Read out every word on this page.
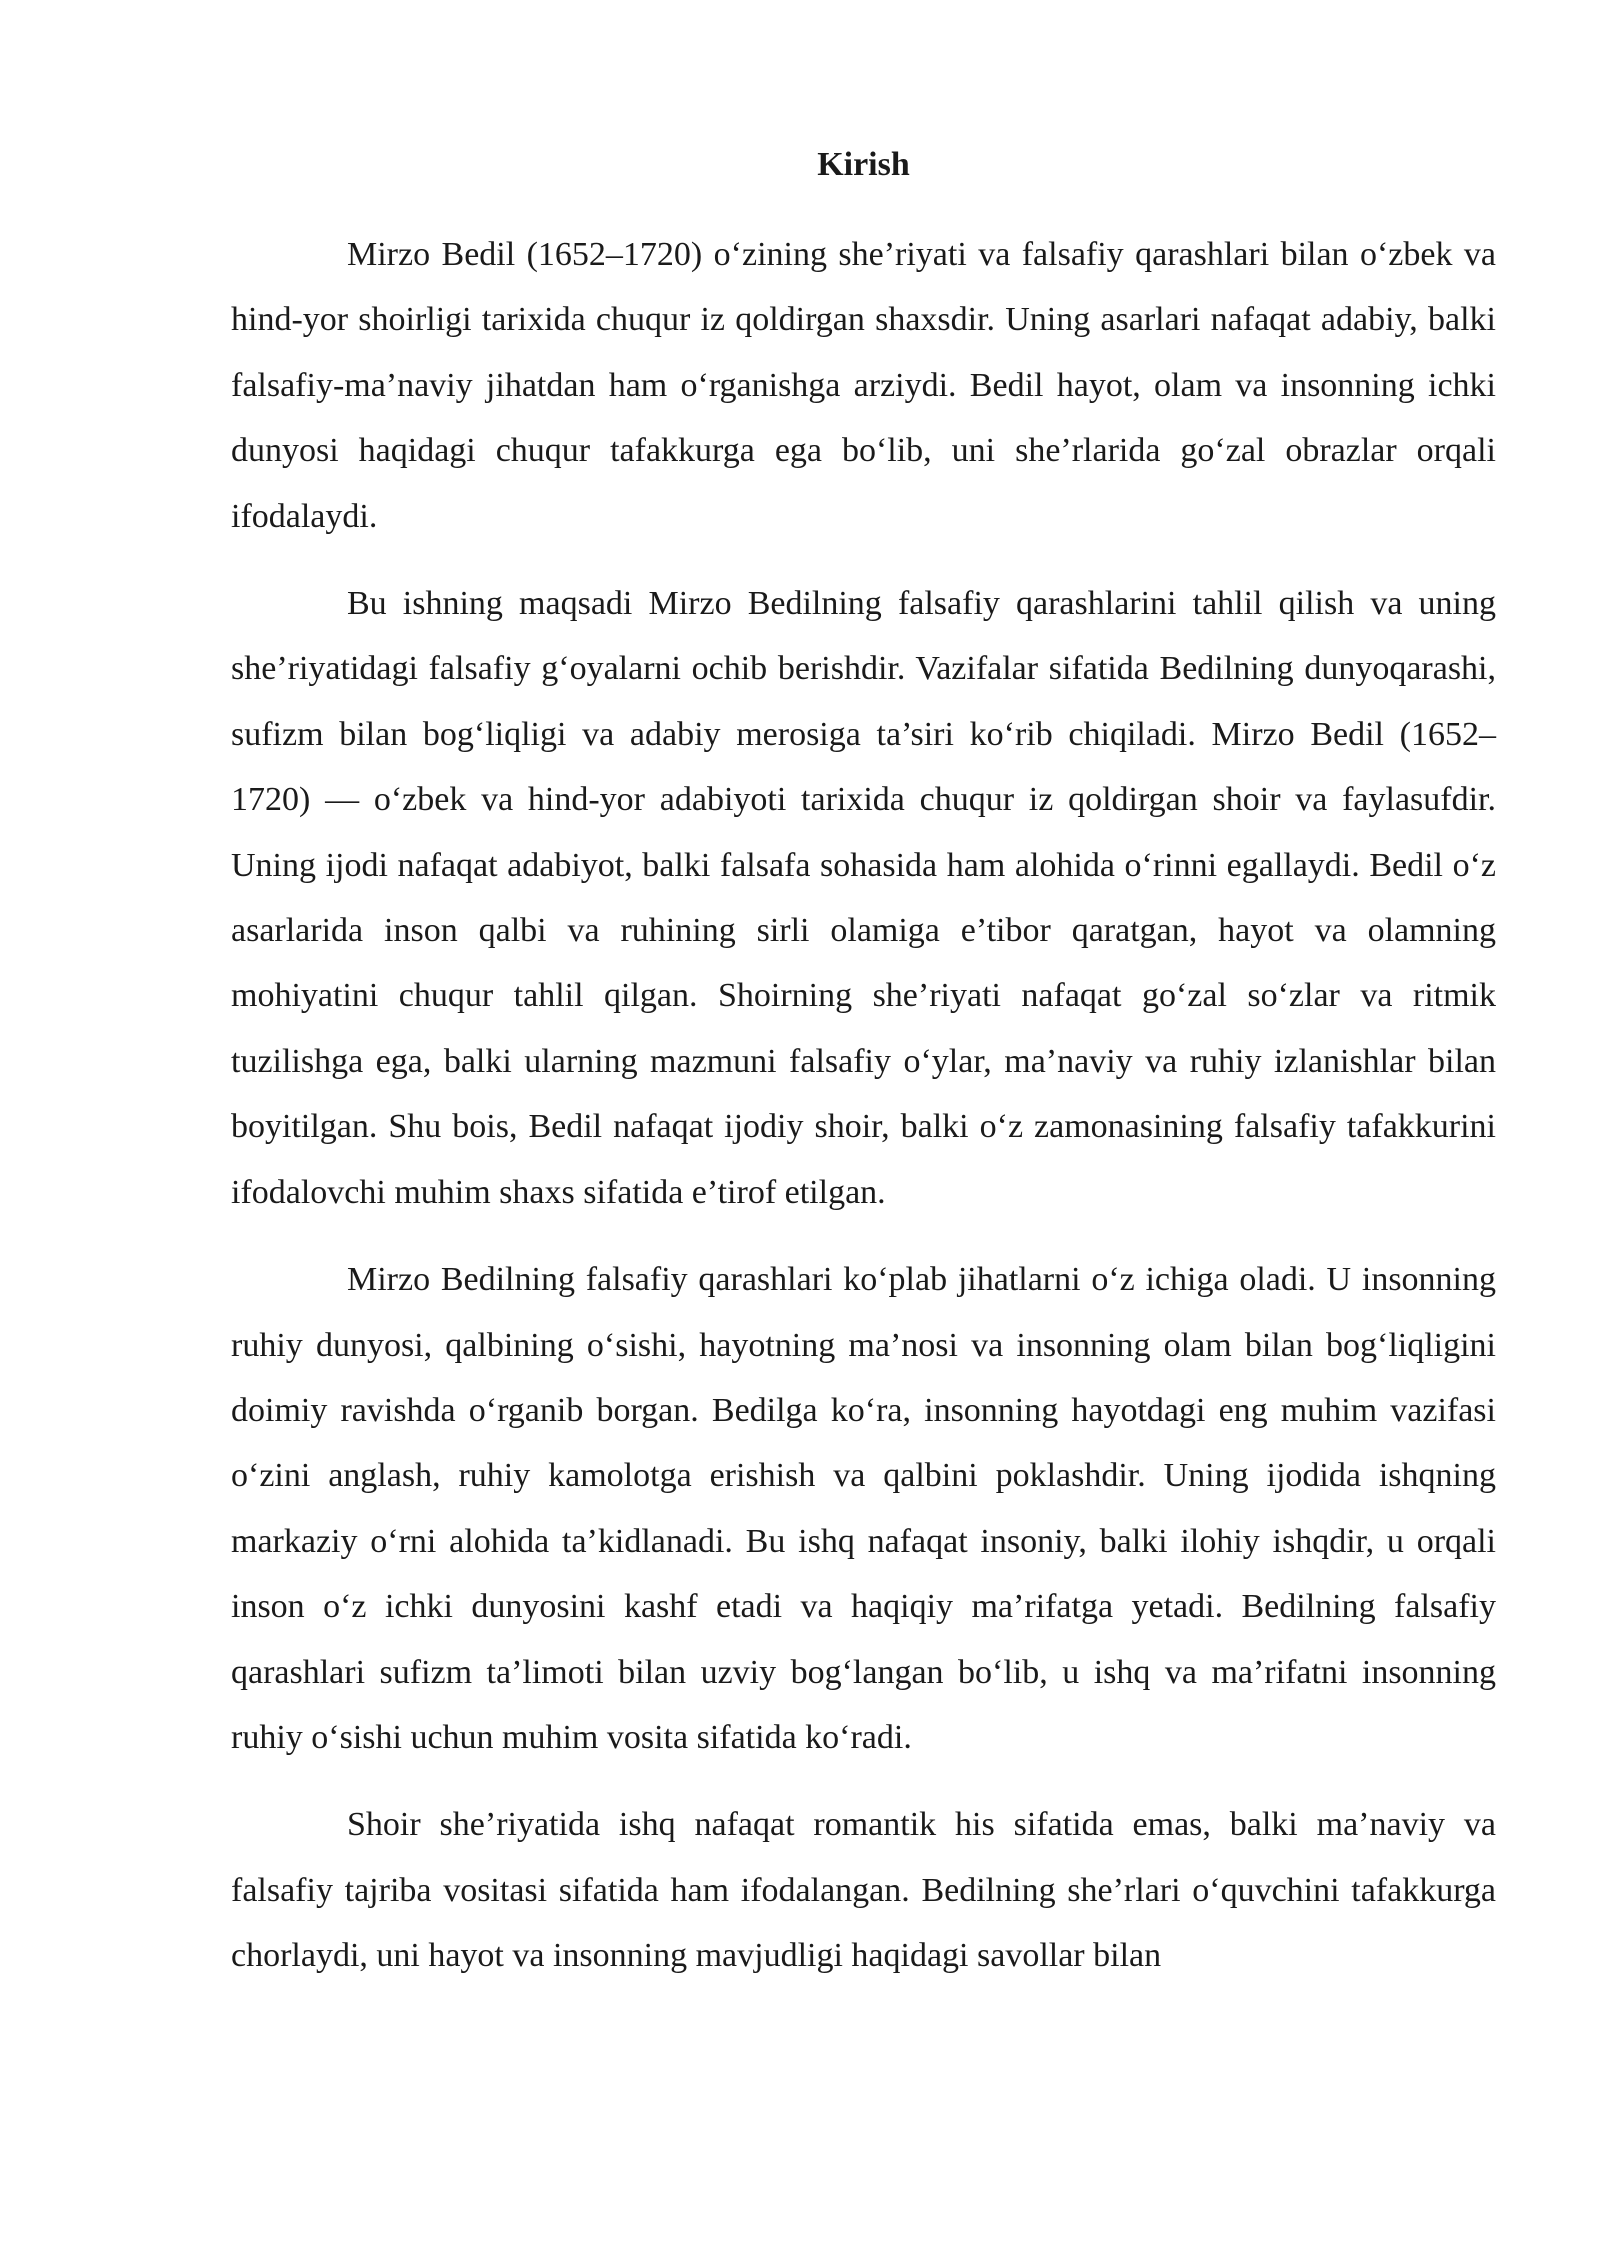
Kirish

Mirzo Bedil (1652–1720) o‘zining she’riyati va falsafiy qarashlari bilan o‘zbek va hind-yor shoirligi tarixida chuqur iz qoldirgan shaxsdir. Uning asarlari nafaqat adabiy, balki falsafiy-ma’naviy jihatdan ham o‘rganishga arziydi. Bedil hayot, olam va insonning ichki dunyosi haqidagi chuqur tafakkurga ega bo‘lib, uni she’rlarida go‘zal obrazlar orqali ifodalaydi.

Bu ishning maqsadi Mirzo Bedilning falsafiy qarashlarini tahlil qilish va uning she’riyatidagi falsafiy g‘oyalarni ochib berishdir. Vazifalar sifatida Bedilning dunyoqarashi, sufizm bilan bog‘liqligi va adabiy merosiga ta’siri ko‘rib chiqiladi. Mirzo Bedil (1652–1720) — o‘zbek va hind-yor adabiyoti tarixida chuqur iz qoldirgan shoir va faylasufdir. Uning ijodi nafaqat adabiyot, balki falsafa sohasida ham alohida o‘rinni egallaydi. Bedil o‘z asarlarida inson qalbi va ruhining sirli olamiga e’tibor qaratgan, hayot va olamning mohiyatini chuqur tahlil qilgan. Shoirning she’riyati nafaqat go‘zal so‘zlar va ritmik tuzilishga ega, balki ularning mazmuni falsafiy o‘ylar, ma’naviy va ruhiy izlanishlar bilan boyitilgan. Shu bois, Bedil nafaqat ijodiy shoir, balki o‘z zamonasining falsafiy tafakkurini ifodalovchi muhim shaxs sifatida e’tirof etilgan.

Mirzo Bedilning falsafiy qarashlari ko‘plab jihatlarni o‘z ichiga oladi. U insonning ruhiy dunyosi, qalbining o‘sishi, hayotning ma’nosi va insonning olam bilan bog‘liqligini doimiy ravishda o‘rganib borgan. Bedilga ko‘ra, insonning hayotdagi eng muhim vazifasi o‘zini anglash, ruhiy kamolotga erishish va qalbini poklashdir. Uning ijodida ishqning markaziy o‘rni alohida ta’kidlanadi. Bu ishq nafaqat insoniy, balki ilohiy ishqdir, u orqali inson o‘z ichki dunyosini kashf etadi va haqiqiy ma’rifatga yetadi. Bedilning falsafiy qarashlari sufizm ta’limoti bilan uzviy bog‘langan bo‘lib, u ishq va ma’rifatni insonning ruhiy o‘sishi uchun muhim vosita sifatida ko‘radi.

Shoir she’riyatida ishq nafaqat romantik his sifatida emas, balki ma’naviy va falsafiy tajriba vositasi sifatida ham ifodalangan. Bedilning she’rlari o‘quvchini tafakkurga chorlaydi, uni hayot va insonning mavjudligi haqidagi savollar bilan
